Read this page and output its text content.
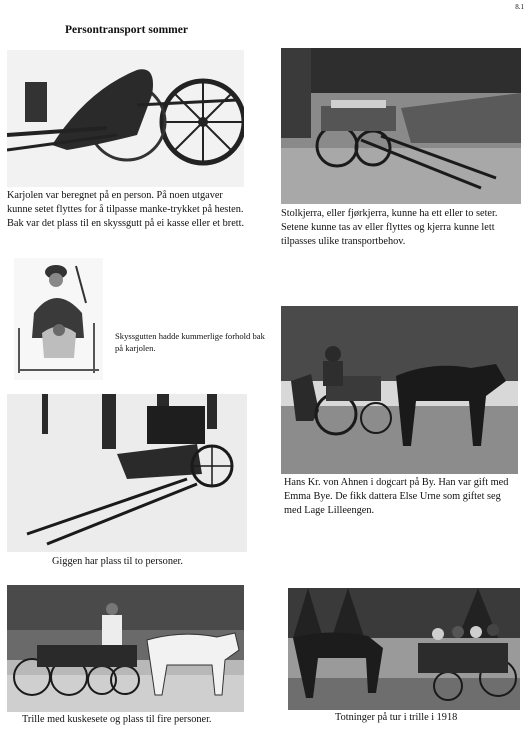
8.1
Persontransport sommer
Karjolen var beregnet på en person. På noen utgaver kunne setet flyttes for å tilpasse manke-trykket på hesten. Bak var det plass til en skyssgutt på ei kasse eller et brett.
Stolkjerra, eller fjørkjerra, kunne ha ett eller to seter. Setene kunne tas av eller flyttes og kjerra kunne lett tilpasses ulike transportbehov.
Skyssgutten hadde kummerlige forhold bak på karjolen.
Giggen har plass til to personer.
Hans Kr. von Ahnen i dogcart på By. Han var gift med Emma Bye. De fikk dattera Else Urne som giftet seg med Lage Lilleengen.
Trille med kuskesete og plass til fire personer.	Totninger på tur i trille i 1918
